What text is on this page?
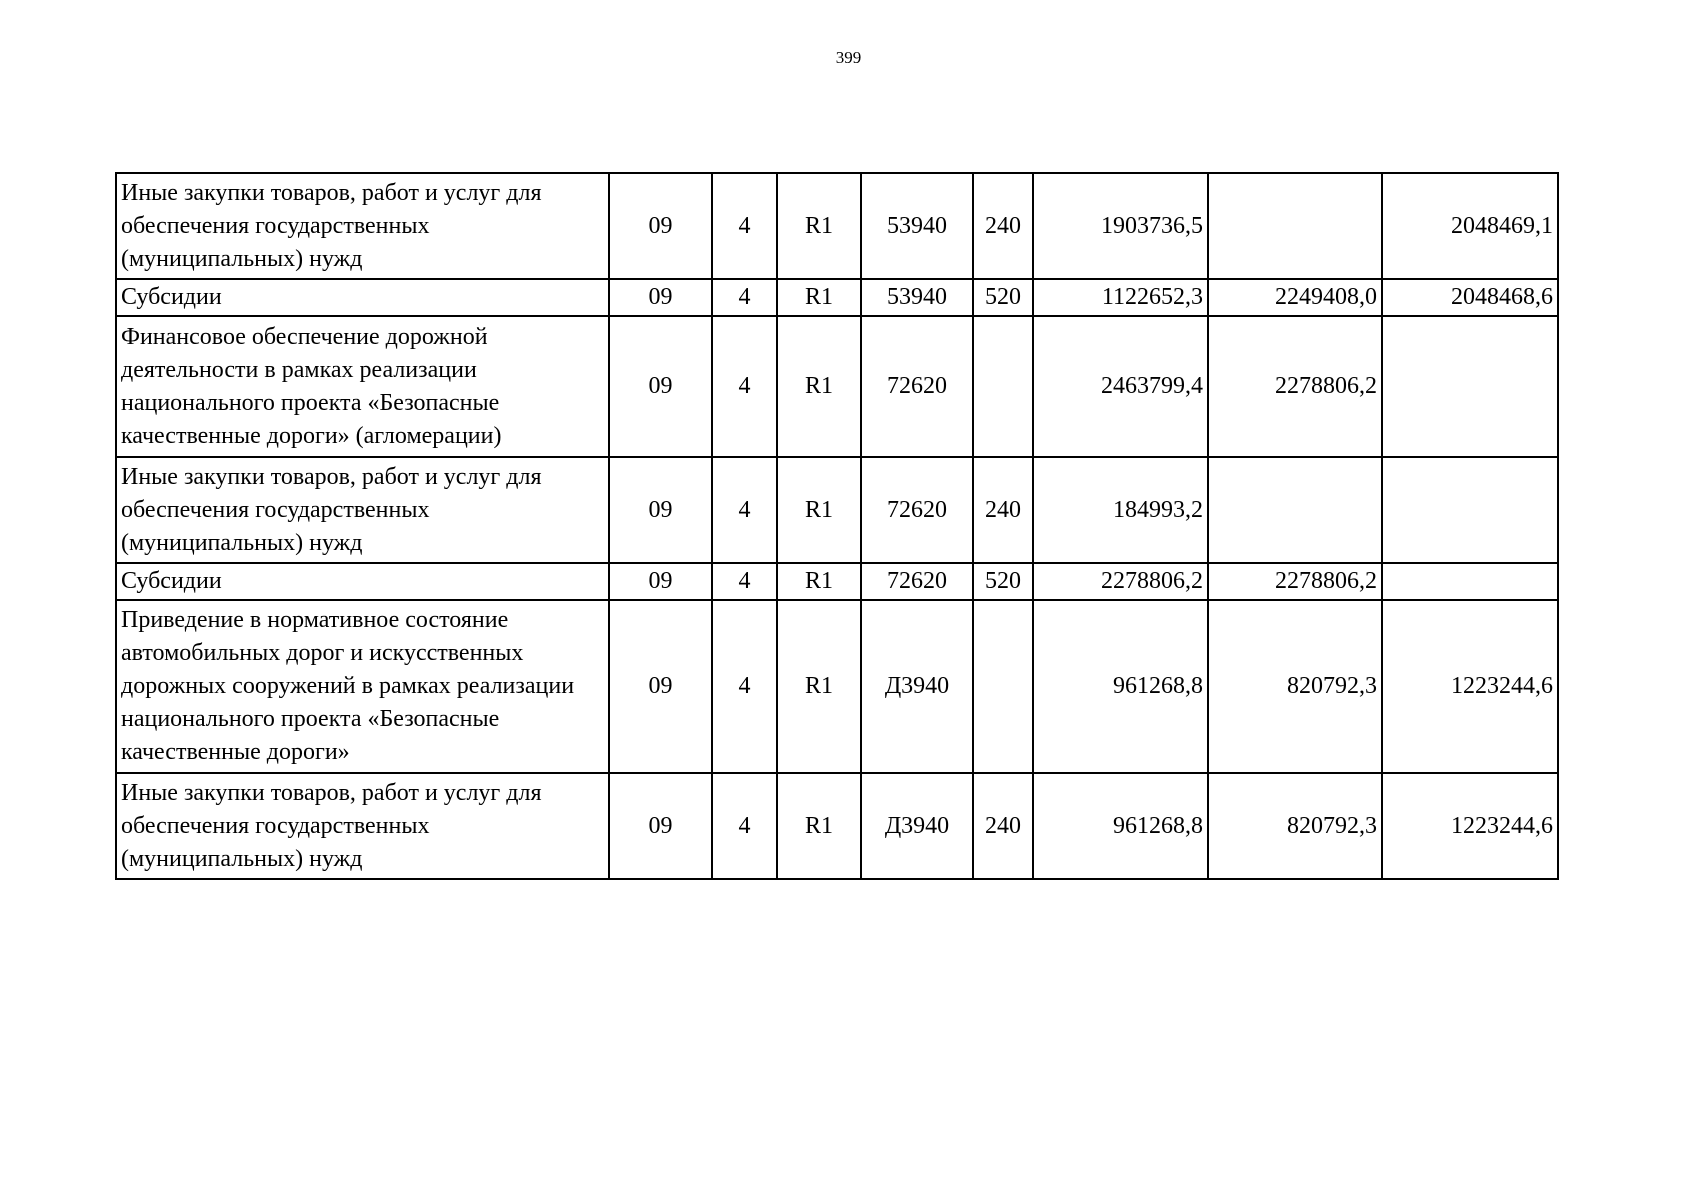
399
Иные закупки товаров, работ и услуг для обеспечения государственных (муниципальных) нужд	09	4	R1	53940	240	1903736,5		2048469,1
Субсидии	09	4	R1	53940	520	1122652,3	2249408,0	2048468,6
Финансовое обеспечение дорожной деятельности в рамках реализации национального проекта «Безопасные качественные дороги» (агломерации)	09	4	R1	72620		2463799,4	2278806,2	
Иные закупки товаров, работ и услуг для обеспечения государственных (муниципальных) нужд	09	4	R1	72620	240	184993,2		
Субсидии	09	4	R1	72620	520	2278806,2	2278806,2	
Приведение в нормативное состояние автомобильных дорог и искусственных дорожных сооружений в рамках реализации национального проекта «Безопасные качественные дороги»	09	4	R1	Д3940		961268,8	820792,3	1223244,6
Иные закупки товаров, работ и услуг для обеспечения государственных (муниципальных) нужд	09	4	R1	Д3940	240	961268,8	820792,3	1223244,6
